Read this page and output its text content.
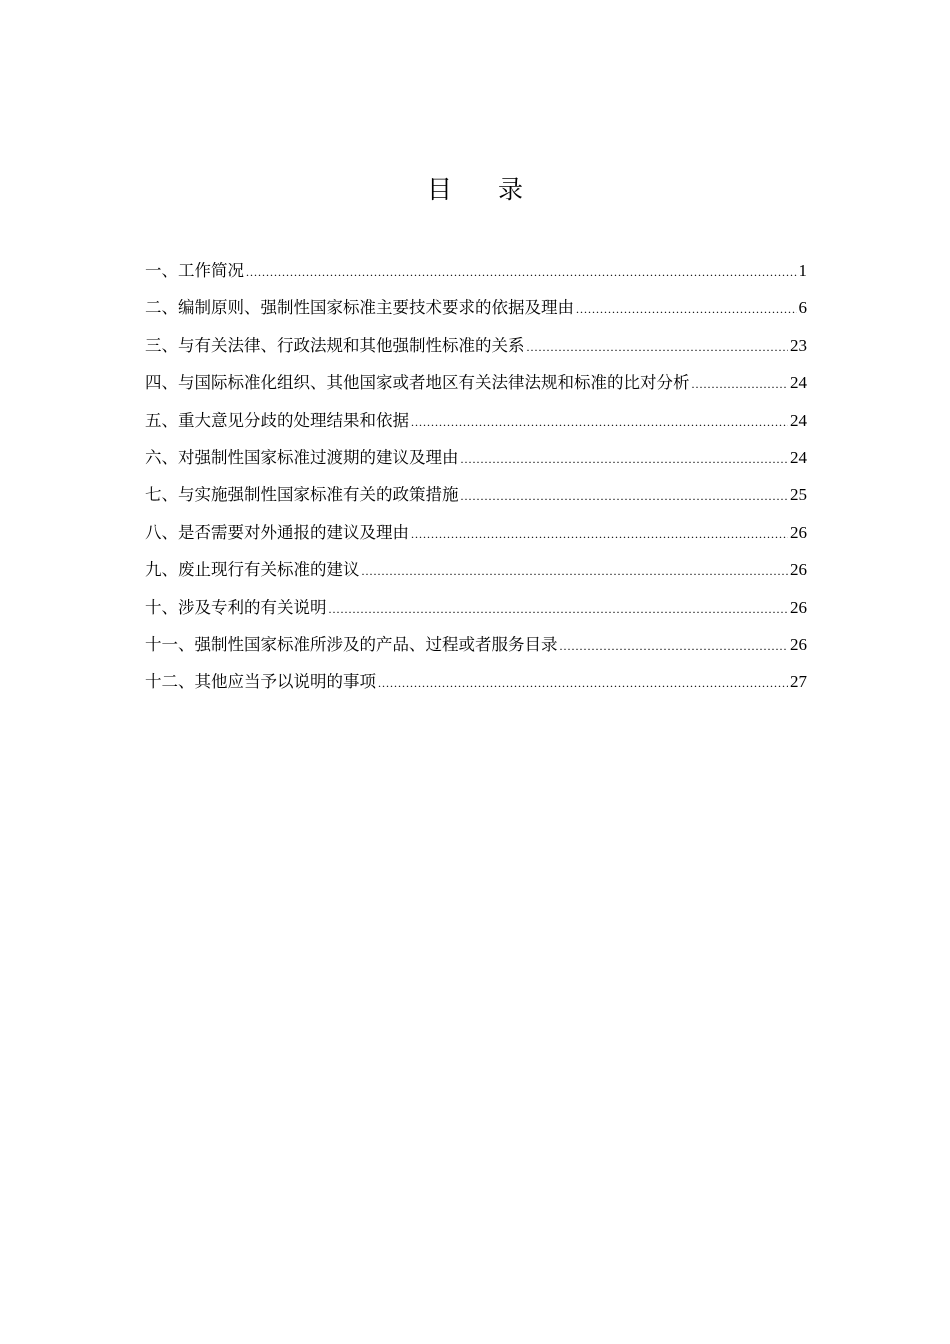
目录
一、工作简况 .....	1
二、编制原则、强制性国家标准主要技术要求的依据及理由 .....	6
三、与有关法律、行政法规和其他强制性标准的关系 .....	23
四、与国际标准化组织、其他国家或者地区有关法律法规和标准的比对分析 .....	24
五、重大意见分歧的处理结果和依据 .....	24
六、对强制性国家标准过渡期的建议及理由 .....	24
七、与实施强制性国家标准有关的政策措施 .....	25
八、是否需要对外通报的建议及理由 .....	26
九、废止现行有关标准的建议 .....	26
十、涉及专利的有关说明 .....	26
十一、强制性国家标准所涉及的产品、过程或者服务目录 .....	26
十二、其他应当予以说明的事项 .....	27
